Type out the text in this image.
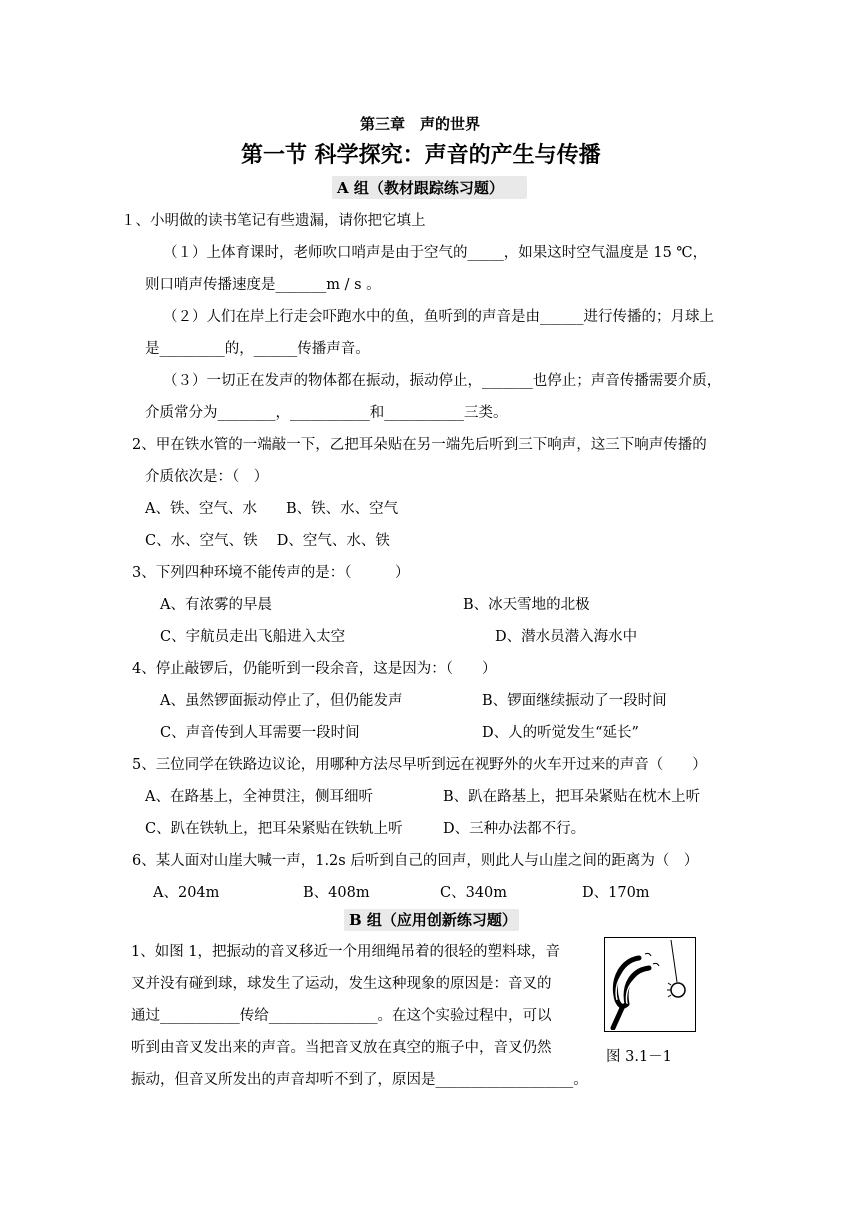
第三章　声的世界
第一节 科学探究：声音的产生与传播
A 组（教材跟踪练习题）
１、小明做的读书笔记有些遗漏，请你把它填上
（１）上体育课时，老师吹口哨声是由于空气的_____，如果这时空气温度是 15 ℃，
则口哨声传播速度是_______m / s 。
（２）人们在岸上行走会吓跑水中的鱼，鱼听到的声音是由______进行传播的；月球上
是_________的，______传播声音。
（３）一切正在发声的物体都在振动，振动停止，_______也停止；声音传播需要介质，
介质常分为________，___________和___________三类。
2、甲在铁水管的一端敲一下，乙把耳朵贴在另一端先后听到三下响声，这三下响声传播的
介质依次是：（　）
A、铁、空气、水　　B、铁、水、空气
C、水、空气、铁　 D、空气、水、铁
3、下列四种环境不能传声的是：（　　　）
A、有浓雾的早晨	B、冰天雪地的北极
C、宇航员走出飞船进入太空	D、潜水员潜入海水中
4、停止敲锣后，仍能听到一段余音，这是因为：（　　）
A、虽然锣面振动停止了，但仍能发声	B、锣面继续振动了一段时间
C、声音传到人耳需要一段时间	D、人的听觉发生“延长”
5、三位同学在铁路边议论，用哪种方法尽早听到远在视野外的火车开过来的声音（　　）
A、在路基上，全神贯注，侧耳细听	B、趴在路基上，把耳朵紧贴在枕木上听
C、趴在铁轨上，把耳朵紧贴在铁轨上听	D、三种办法都不行。
6、某人面对山崖大喊一声，1.2s 后听到自己的回声，则此人与山崖之间的距离为（　）
A、204m	B、408m	C、340m	D、170m
B 组（应用创新练习题）
1、如图 1，把振动的音叉移近一个用细绳吊着的很轻的塑料球，音
叉并没有碰到球，球发生了运动，发生这种现象的原因是：音叉的
通过___________传给_______________。在这个实验过程中，可以
听到由音叉发出来的声音。当把音叉放在真空的瓶子中，音叉仍然
振动，但音叉所发出的声音却听不到了，原因是___________________。
图 3.1－1
